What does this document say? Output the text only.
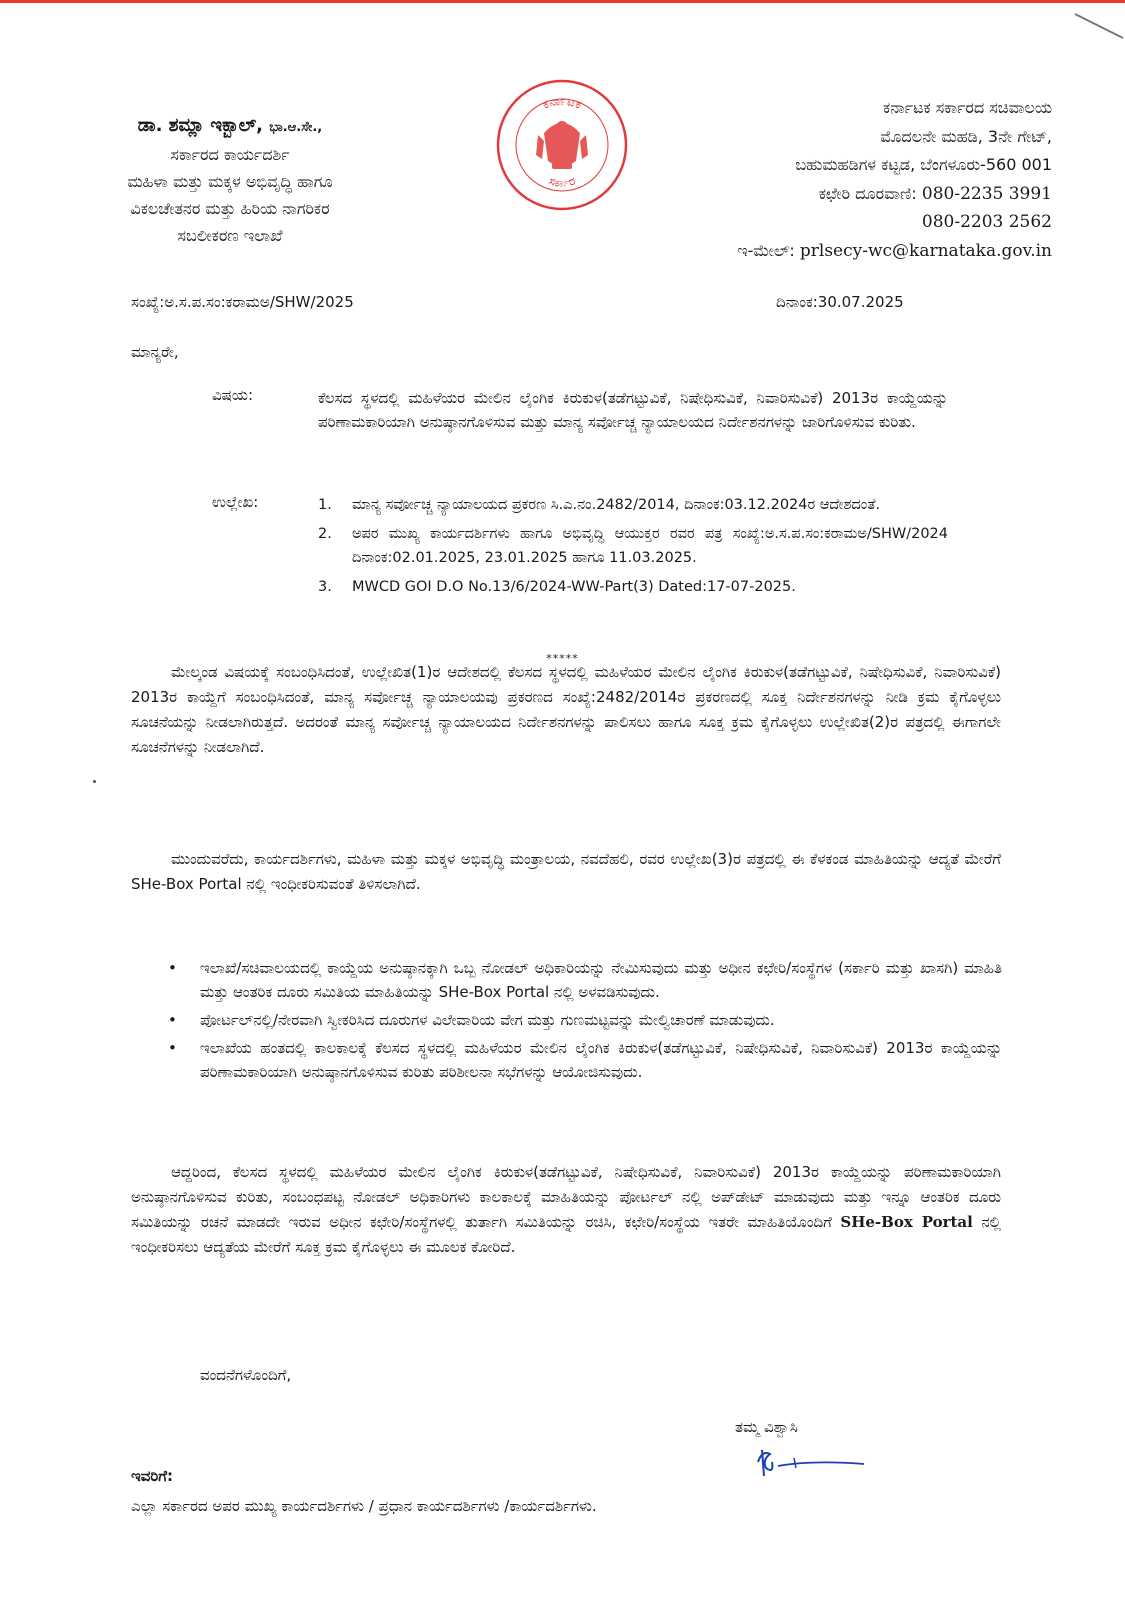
ಡಾ. ಶಮ್ಲಾ ಇಕ್ಬಾಲ್, ಭಾ.ಆ.ಸೇ.,
ಸರ್ಕಾರದ ಕಾರ್ಯದರ್ಶಿ
ಮಹಿಳಾ ಮತ್ತು ಮಕ್ಕಳ ಅಭಿವೃದ್ಧಿ ಹಾಗೂ
ವಿಕಲಚೇತನರ ಮತ್ತು ಹಿರಿಯ ನಾಗರಿಕರ
ಸಬಲೀಕರಣ ಇಲಾಖೆ
ಕರ್ನಾಟಕ
ಸರ್ಕಾರ
ಕರ್ನಾಟಕ ಸರ್ಕಾರದ ಸಚಿವಾಲಯ
ಮೊದಲನೇ ಮಹಡಿ, 3ನೇ ಗೇಟ್,
ಬಹುಮಹಡಿಗಳ ಕಟ್ಟಡ, ಬೆಂಗಳೂರು-560 001
ಕಛೇರಿ ದೂರವಾಣಿ: 080-2235 3991
080-2203 2562
ಇ-ಮೇಲ್: prlsecy-wc@karnataka.gov.in
ಸಂಖ್ಯೆ:ಅ.ಸ.ಪ.ಸಂ:ಕರಾಮಅ/SHW/2025	ದಿನಾಂಕ:30.07.2025
ಮಾನ್ಯರೇ,
ವಿಷಯ:	ಕೆಲಸದ ಸ್ಥಳದಲ್ಲಿ ಮಹಿಳೆಯರ ಮೇಲಿನ ಲೈಂಗಿಕ ಕಿರುಕುಳ(ತಡೆಗಟ್ಟುವಿಕೆ, ನಿಷೇಧಿಸುವಿಕೆ, ನಿವಾರಿಸುವಿಕೆ) 2013ರ ಕಾಯ್ದೆಯನ್ನು ಪರಿಣಾಮಕಾರಿಯಾಗಿ ಅನುಷ್ಠಾನಗೊಳಿಸುವ ಮತ್ತು ಮಾನ್ಯ ಸರ್ವೋಚ್ಚ ನ್ಯಾಯಾಲಯದ ನಿರ್ದೇಶನಗಳನ್ನು ಜಾರಿಗೊಳಿಸುವ ಕುರಿತು.
ಉಲ್ಲೇಖ:	1.	ಮಾನ್ಯ ಸರ್ವೋಚ್ಚ ನ್ಯಾಯಾಲಯದ ಪ್ರಕರಣ ಸಿ.ಎ.ನಂ.2482/2014, ದಿನಾಂಕ:03.12.2024ರ ಆದೇಶದಂತೆ.
2.	ಅಪರ ಮುಖ್ಯ ಕಾರ್ಯದರ್ಶಿಗಳು ಹಾಗೂ ಅಭಿವೃದ್ಧಿ ಆಯುಕ್ತರ ರವರ ಪತ್ರ ಸಂಖ್ಯೆ:ಅ.ಸ.ಪ.ಸಂ:ಕರಾಮಅ/SHW/2024 ದಿನಾಂಕ:02.01.2025, 23.01.2025 ಹಾಗೂ 11.03.2025.
3.	MWCD GOI D.O No.13/6/2024-WW-Part(3) Dated:17-07-2025.
*****

ಮೇಲ್ಕಂಡ ವಿಷಯಕ್ಕೆ ಸಂಬಂಧಿಸಿದಂತೆ, ಉಲ್ಲೇಖಿತ(1)ರ ಆದೇಶದಲ್ಲಿ ಕೆಲಸದ ಸ್ಥಳದಲ್ಲಿ ಮಹಿಳೆಯರ ಮೇಲಿನ ಲೈಂಗಿಕ ಕಿರುಕುಳ(ತಡೆಗಟ್ಟುವಿಕೆ, ನಿಷೇಧಿಸುವಿಕೆ, ನಿವಾರಿಸುವಿಕೆ) 2013ರ ಕಾಯ್ದೆಗೆ ಸಂಬಂಧಿಸಿದಂತೆ, ಮಾನ್ಯ ಸರ್ವೋಚ್ಚ ನ್ಯಾಯಾಲಯವು ಪ್ರಕರಣದ ಸಂಖ್ಯೆ:2482/2014ರ ಪ್ರಕರಣದಲ್ಲಿ ಸೂಕ್ತ ನಿರ್ದೇಶನಗಳನ್ನು ನೀಡಿ ಕ್ರಮ ಕೈಗೊಳ್ಳಲು ಸೂಚನೆಯನ್ನು ನೀಡಲಾಗಿರುತ್ತದೆ. ಅದರಂತೆ ಮಾನ್ಯ ಸರ್ವೋಚ್ಚ ನ್ಯಾಯಾಲಯದ ನಿರ್ದೇಶನಗಳನ್ನು ಪಾಲಿಸಲು ಹಾಗೂ ಸೂಕ್ತ ಕ್ರಮ ಕೈಗೊಳ್ಳಲು ಉಲ್ಲೇಖಿತ(2)ರ ಪತ್ರದಲ್ಲಿ ಈಗಾಗಲೇ ಸೂಚನೆಗಳನ್ನು ನೀಡಲಾಗಿದೆ.

ಮುಂದುವರೆದು, ಕಾರ್ಯದರ್ಶಿಗಳು, ಮಹಿಳಾ ಮತ್ತು ಮಕ್ಕಳ ಅಭಿವೃದ್ಧಿ ಮಂತ್ರಾಲಯ, ನವದೆಹಲಿ, ರವರ ಉಲ್ಲೇಖ(3)ರ ಪತ್ರದಲ್ಲಿ ಈ ಕೆಳಕಂಡ ಮಾಹಿತಿಯನ್ನು ಆದ್ಯತೆ ಮೇರೆಗೆ SHe-Box Portal ನಲ್ಲಿ ಇಂಧೀಕರಿಸುವಂತೆ ತಿಳಿಸಲಾಗಿದೆ.

• ಇಲಾಖೆ/ಸಚಿವಾಲಯದಲ್ಲಿ ಕಾಯ್ದೆಯ ಅನುಷ್ಠಾನಕ್ಕಾಗಿ ಒಬ್ಬ ನೋಡಲ್ ಅಧಿಕಾರಿಯನ್ನು ನೇಮಿಸುವುದು ಮತ್ತು ಅಧೀನ ಕಛೇರಿ/ಸಂಸ್ಥೆಗಳ (ಸರ್ಕಾರಿ ಮತ್ತು ಖಾಸಗಿ) ಮಾಹಿತಿ ಮತ್ತು ಆಂತರಿಕ ದೂರು ಸಮಿತಿಯ ಮಾಹಿತಿಯನ್ನು SHe-Box Portal ನಲ್ಲಿ ಅಳವಡಿಸುವುದು.
• ಪೋರ್ಟಲ್‌ನಲ್ಲಿ/ನೇರವಾಗಿ ಸ್ವೀಕರಿಸಿದ ದೂರುಗಳ ವಿಲೇವಾರಿಯ ವೇಗ ಮತ್ತು ಗುಣಮಟ್ಟವನ್ನು ಮೇಲ್ವಿಚಾರಣೆ ಮಾಡುವುದು.
• ಇಲಾಖೆಯ ಹಂತದಲ್ಲಿ ಕಾಲಕಾಲಕ್ಕೆ ಕೆಲಸದ ಸ್ಥಳದಲ್ಲಿ ಮಹಿಳೆಯರ ಮೇಲಿನ ಲೈಂಗಿಕ ಕಿರುಕುಳ(ತಡೆಗಟ್ಟುವಿಕೆ, ನಿಷೇಧಿಸುವಿಕೆ, ನಿವಾರಿಸುವಿಕೆ) 2013ರ ಕಾಯ್ದೆಯನ್ನು ಪರಿಣಾಮಕಾರಿಯಾಗಿ ಅನುಷ್ಠಾನಗೊಳಿಸುವ ಕುರಿತು ಪರಿಶೀಲನಾ ಸಭೆಗಳನ್ನು ಆಯೋಜಿಸುವುದು.

ಆದ್ದರಿಂದ, ಕೆಲಸದ ಸ್ಥಳದಲ್ಲಿ ಮಹಿಳೆಯರ ಮೇಲಿನ ಲೈಂಗಿಕ ಕಿರುಕುಳ(ತಡೆಗಟ್ಟುವಿಕೆ, ನಿಷೇಧಿಸುವಿಕೆ, ನಿವಾರಿಸುವಿಕೆ) 2013ರ ಕಾಯ್ದೆಯನ್ನು ಪರಿಣಾಮಕಾರಿಯಾಗಿ ಅನುಷ್ಠಾನಗೊಳಿಸುವ ಕುರಿತು, ಸಂಬಂಧಪಟ್ಟ ನೋಡಲ್ ಅಧಿಕಾರಿಗಳು ಕಾಲಕಾಲಕ್ಕೆ ಮಾಹಿತಿಯನ್ನು ಪೋರ್ಟಲ್ ನಲ್ಲಿ ಅಪ್‌ಡೇಟ್ ಮಾಡುವುದು ಮತ್ತು ಇನ್ನೂ ಆಂತರಿಕ ದೂರು ಸಮಿತಿಯನ್ನು ರಚನೆ ಮಾಡದೇ ಇರುವ ಅಧೀನ ಕಛೇರಿ/ಸಂಸ್ಥೆಗಳಲ್ಲಿ ತುರ್ತಾಗಿ ಸಮಿತಿಯನ್ನು ರಚಿಸಿ, ಕಛೇರಿ/ಸಂಸ್ಥೆಯ ಇತರೇ ಮಾಹಿತಿಯೊಂದಿಗೆ SHe-Box Portal ನಲ್ಲಿ ಇಂಧೀಕರಿಸಲು ಆದ್ಯತೆಯ ಮೇರೆಗೆ ಸೂಕ್ತ ಕ್ರಮ ಕೈಗೊಳ್ಳಲು ಈ ಮೂಲಕ ಕೋರಿದೆ.

ವಂದನೆಗಳೊಂದಿಗೆ,
ತಮ್ಮ ವಿಶ್ವಾಸಿ
ಇವರಿಗೆ:
ಎಲ್ಲಾ ಸರ್ಕಾರದ ಅಪರ ಮುಖ್ಯ ಕಾರ್ಯದರ್ಶಿಗಳು / ಪ್ರಧಾನ ಕಾರ್ಯದರ್ಶಿಗಳು /ಕಾರ್ಯದರ್ಶಿಗಳು.
